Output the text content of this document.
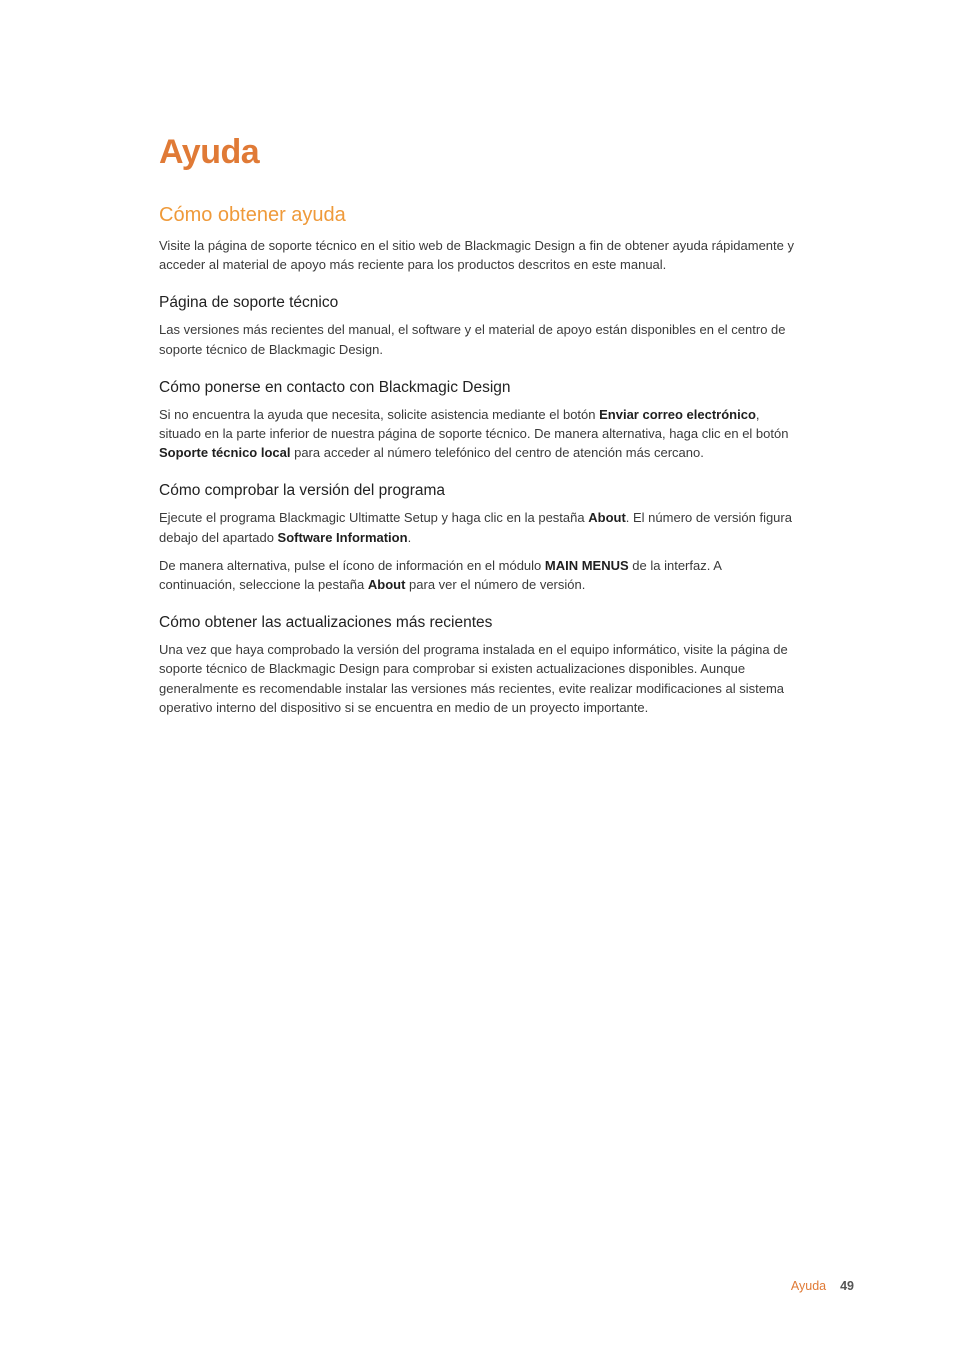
Ayuda
Cómo obtener ayuda

Visite la página de soporte técnico en el sitio web de Blackmagic Design a fin de obtener ayuda rápidamente y acceder al material de apoyo más reciente para los productos descritos en este manual.

Página de soporte técnico

Las versiones más recientes del manual, el software y el material de apoyo están disponibles en el centro de soporte técnico de Blackmagic Design.

Cómo ponerse en contacto con Blackmagic Design

Si no encuentra la ayuda que necesita, solicite asistencia mediante el botón Enviar correo electrónico, situado en la parte inferior de nuestra página de soporte técnico. De manera alternativa, haga clic en el botón Soporte técnico local para acceder al número telefónico del centro de atención más cercano.

Cómo comprobar la versión del programa

Ejecute el programa Blackmagic Ultimatte Setup y haga clic en la pestaña About. El número de versión figura debajo del apartado Software Information.

De manera alternativa, pulse el ícono de información en el módulo MAIN MENUS de la interfaz. A continuación, seleccione la pestaña About para ver el número de versión.

Cómo obtener las actualizaciones más recientes

Una vez que haya comprobado la versión del programa instalada en el equipo informático, visite la página de soporte técnico de Blackmagic Design para comprobar si existen actualizaciones disponibles. Aunque generalmente es recomendable instalar las versiones más recientes, evite realizar modificaciones al sistema operativo interno del dispositivo si se encuentra en medio de un proyecto importante.

Ayuda 49
